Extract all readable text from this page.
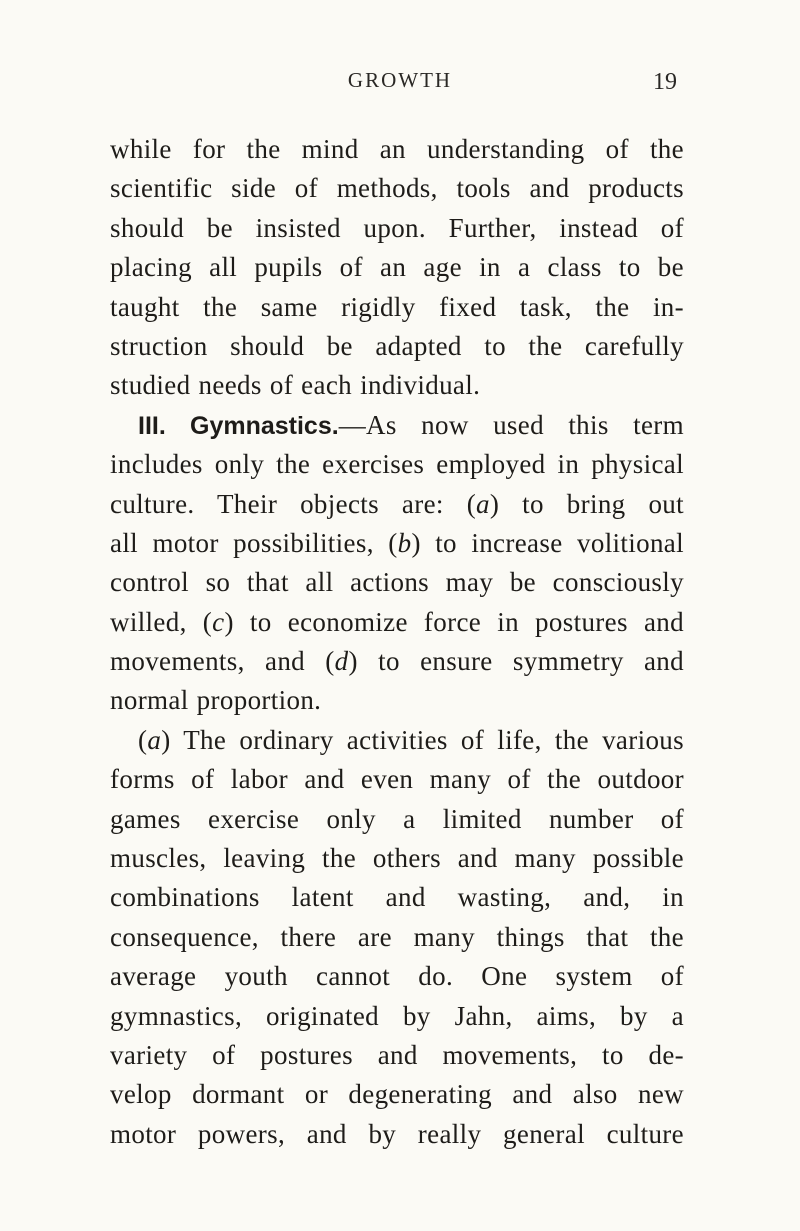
GROWTH	19
while for the mind an understanding of the
scientific side of methods, tools and products
should be insisted upon. Further, instead of
placing all pupils of an age in a class to be
taught the same rigidly fixed task, the in-
struction should be adapted to the carefully
studied needs of each individual.
III. Gymnastics.—As now used this term
includes only the exercises employed in physical
culture. Their objects are: (a) to bring out
all motor possibilities, (b) to increase volitional
control so that all actions may be consciously
willed, (c) to economize force in postures and
movements, and (d) to ensure symmetry and
normal proportion.
(a) The ordinary activities of life, the various
forms of labor and even many of the outdoor
games exercise only a limited number of
muscles, leaving the others and many possible
combinations latent and wasting, and, in
consequence, there are many things that the
average youth cannot do. One system of
gymnastics, originated by Jahn, aims, by a
variety of postures and movements, to de-
velop dormant or degenerating and also new
motor powers, and by really general culture
